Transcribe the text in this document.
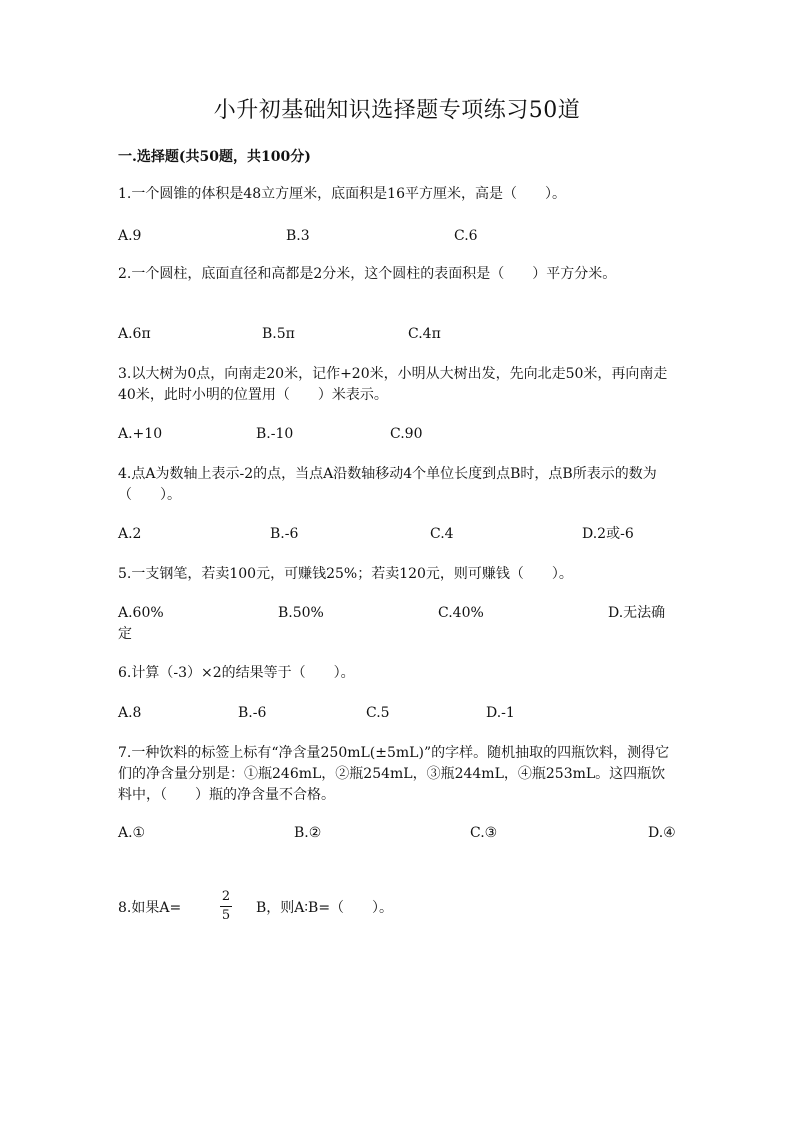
小升初基础知识选择题专项练习50道
一.选择题(共50题，共100分)
1.一个圆锥的体积是48立方厘米，底面积是16平方厘米，高是（　　）。
A.9	B.3	C.6
2.一个圆柱，底面直径和高都是2分米，这个圆柱的表面积是（　　）平方分米。
A.6π	B.5π	C.4π
3.以大树为0点，向南走20米，记作+20米，小明从大树出发，先向北走50米，再向南走40米，此时小明的位置用（　　）米表示。
A.+10	B.-10	C.90
4.点A为数轴上表示-2的点，当点A沿数轴移动4个单位长度到点B时，点B所表示的数为（　　）。
A.2	B.-6	C.4	D.2或-6
5.一支钢笔，若卖100元，可赚钱25%；若卖120元，则可赚钱（　　）。
A.60%	B.50%	C.40%	D.无法确定
6.计算（-3）×2的结果等于（　　）。
A.8	B.-6	C.5	D.-1
7.一种饮料的标签上标有“净含量250mL(±5mL)”的字样。随机抽取的四瓶饮料，测得它们的净含量分别是：①瓶246mL，②瓶254mL，③瓶244mL，④瓶253mL。这四瓶饮料中，（　　）瓶的净含量不合格。
A.①	B.②	C.③	D.④
8.如果A=
2
5 B，则A∶B=（　　）。
